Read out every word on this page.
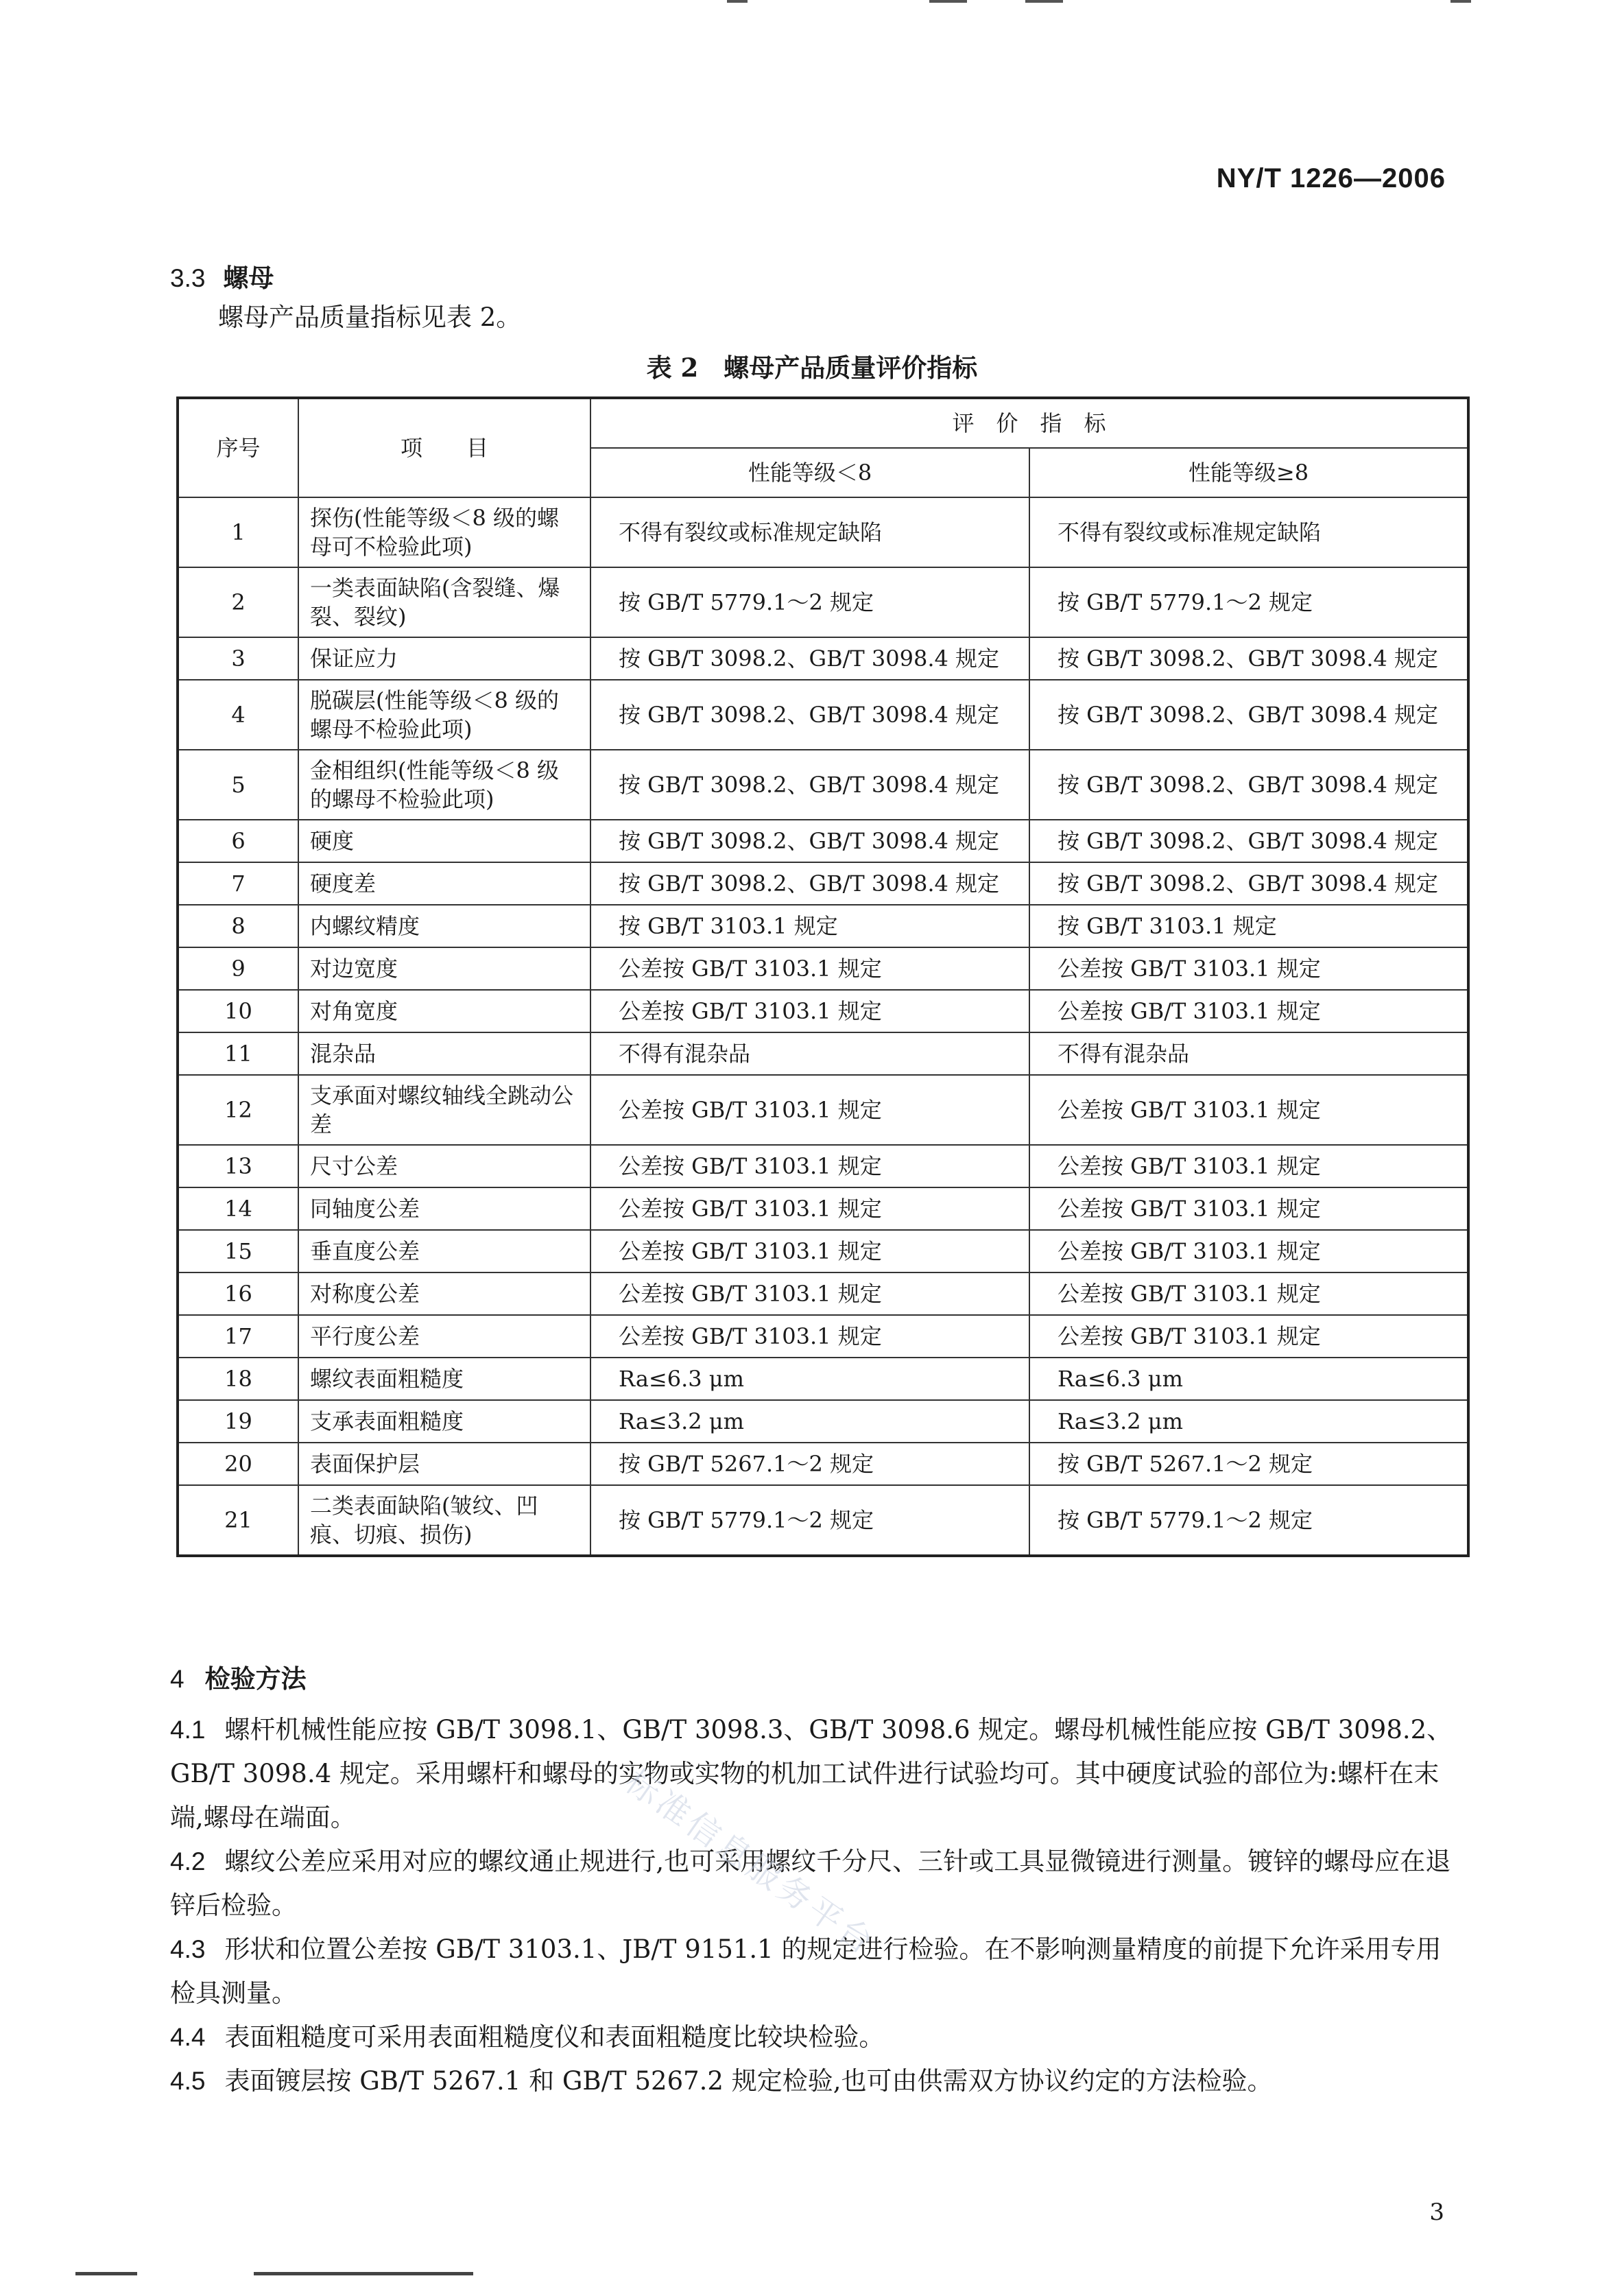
NY/T 1226—2006
3.3 螺母
螺母产品质量指标见表 2。
表 2　螺母产品质量评价指标
序号	项　　目	评　价　指　标	
		性能等级＜8	性能等级≥8
1	探伤(性能等级＜8 级的螺母可不检验此项)	不得有裂纹或标准规定缺陷	不得有裂纹或标准规定缺陷
2	一类表面缺陷(含裂缝、爆裂、裂纹)	按 GB/T 5779.1～2 规定	按 GB/T 5779.1～2 规定
3	保证应力	按 GB/T 3098.2、GB/T 3098.4 规定	按 GB/T 3098.2、GB/T 3098.4 规定
4	脱碳层(性能等级＜8 级的螺母不检验此项)	按 GB/T 3098.2、GB/T 3098.4 规定	按 GB/T 3098.2、GB/T 3098.4 规定
5	金相组织(性能等级＜8 级的螺母不检验此项)	按 GB/T 3098.2、GB/T 3098.4 规定	按 GB/T 3098.2、GB/T 3098.4 规定
6	硬度	按 GB/T 3098.2、GB/T 3098.4 规定	按 GB/T 3098.2、GB/T 3098.4 规定
7	硬度差	按 GB/T 3098.2、GB/T 3098.4 规定	按 GB/T 3098.2、GB/T 3098.4 规定
8	内螺纹精度	按 GB/T 3103.1 规定	按 GB/T 3103.1 规定
9	对边宽度	公差按 GB/T 3103.1 规定	公差按 GB/T 3103.1 规定
10	对角宽度	公差按 GB/T 3103.1 规定	公差按 GB/T 3103.1 规定
11	混杂品	不得有混杂品	不得有混杂品
12	支承面对螺纹轴线全跳动公差	公差按 GB/T 3103.1 规定	公差按 GB/T 3103.1 规定
13	尺寸公差	公差按 GB/T 3103.1 规定	公差按 GB/T 3103.1 规定
14	同轴度公差	公差按 GB/T 3103.1 规定	公差按 GB/T 3103.1 规定
15	垂直度公差	公差按 GB/T 3103.1 规定	公差按 GB/T 3103.1 规定
16	对称度公差	公差按 GB/T 3103.1 规定	公差按 GB/T 3103.1 规定
17	平行度公差	公差按 GB/T 3103.1 规定	公差按 GB/T 3103.1 规定
18	螺纹表面粗糙度	Ra≤6.3 μm	Ra≤6.3 μm
19	支承表面粗糙度	Ra≤3.2 μm	Ra≤3.2 μm
20	表面保护层	按 GB/T 5267.1～2 规定	按 GB/T 5267.1～2 规定
21	二类表面缺陷(皱纹、凹痕、切痕、损伤)	按 GB/T 5779.1～2 规定	按 GB/T 5779.1～2 规定
4 检验方法
4.1 螺杆机械性能应按 GB/T 3098.1、GB/T 3098.3、GB/T 3098.6 规定。螺母机械性能应按 GB/T 3098.2、GB/T 3098.4 规定。采用螺杆和螺母的实物或实物的机加工试件进行试验均可。其中硬度试验的部位为:螺杆在末端,螺母在端面。
4.2 螺纹公差应采用对应的螺纹通止规进行,也可采用螺纹千分尺、三针或工具显微镜进行测量。镀锌的螺母应在退锌后检验。
4.3 形状和位置公差按 GB/T 3103.1、JB/T 9151.1 的规定进行检验。在不影响测量精度的前提下允许采用专用检具测量。
4.4 表面粗糙度可采用表面粗糙度仪和表面粗糙度比较块检验。
4.5 表面镀层按 GB/T 5267.1 和 GB/T 5267.2 规定检验,也可由供需双方协议约定的方法检验。
标准信息服务平台
3
